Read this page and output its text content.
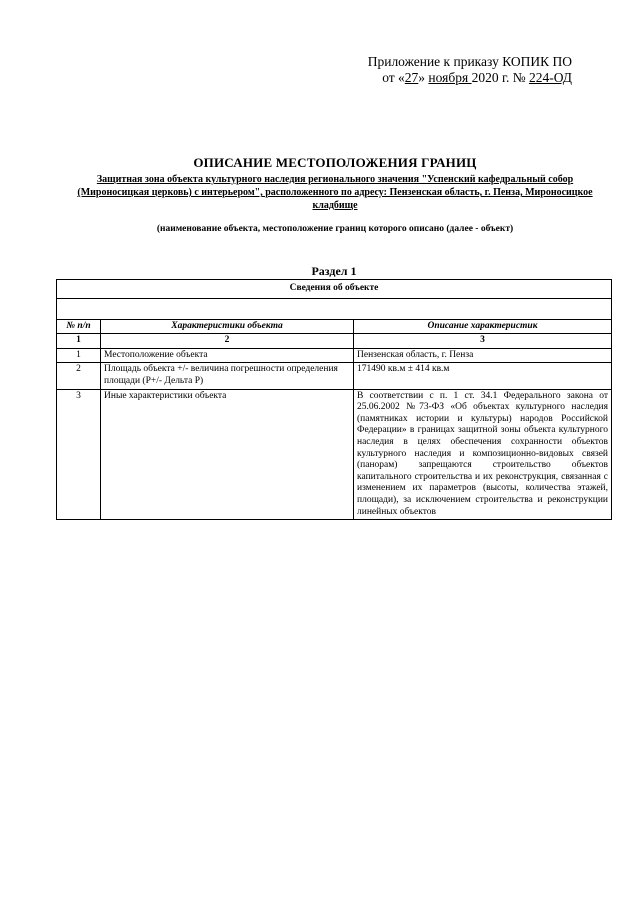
Приложение к приказу КОПИК ПО
от «27» ноября 2020 г. № 224-ОД

ОПИСАНИЕ МЕСТОПОЛОЖЕНИЯ ГРАНИЦ

Защитная зона объекта культурного наследия регионального значения "Успенский кафедральный собор (Мироносицкая церковь) с интерьером", расположенного по адресу: Пензенская область, г. Пенза, Мироносицкое кладбище

(наименование объекта, местоположение границ которого описано (далее - объект)
Раздел 1
Сведения об объекте		

№ п/п	Характеристики объекта	Описание характеристик
1	2	3
1	Местоположение объекта	Пензенская область, г. Пенза
2	Площадь объекта +/- величина погрешности определения площади (P+/- Дельта P)	171490 кв.м ± 414 кв.м
3	Иные характеристики объекта	В соответствии с п. 1 ст. 34.1 Федерального закона от 25.06.2002 №73-ФЗ «Об объектах культурного наследия (памятниках истории и культуры) народов Российской Федерации» в границах защитной зоны объекта культурного наследия в целях обеспечения сохранности объектов культурного наследия и композиционно-видовых связей (панорам) запрещаются строительство объектов капитального строительства и их реконструкция, связанная с изменением их параметров (высоты, количества этажей, площади), за исключением строительства и реконструкции линейных объектов
